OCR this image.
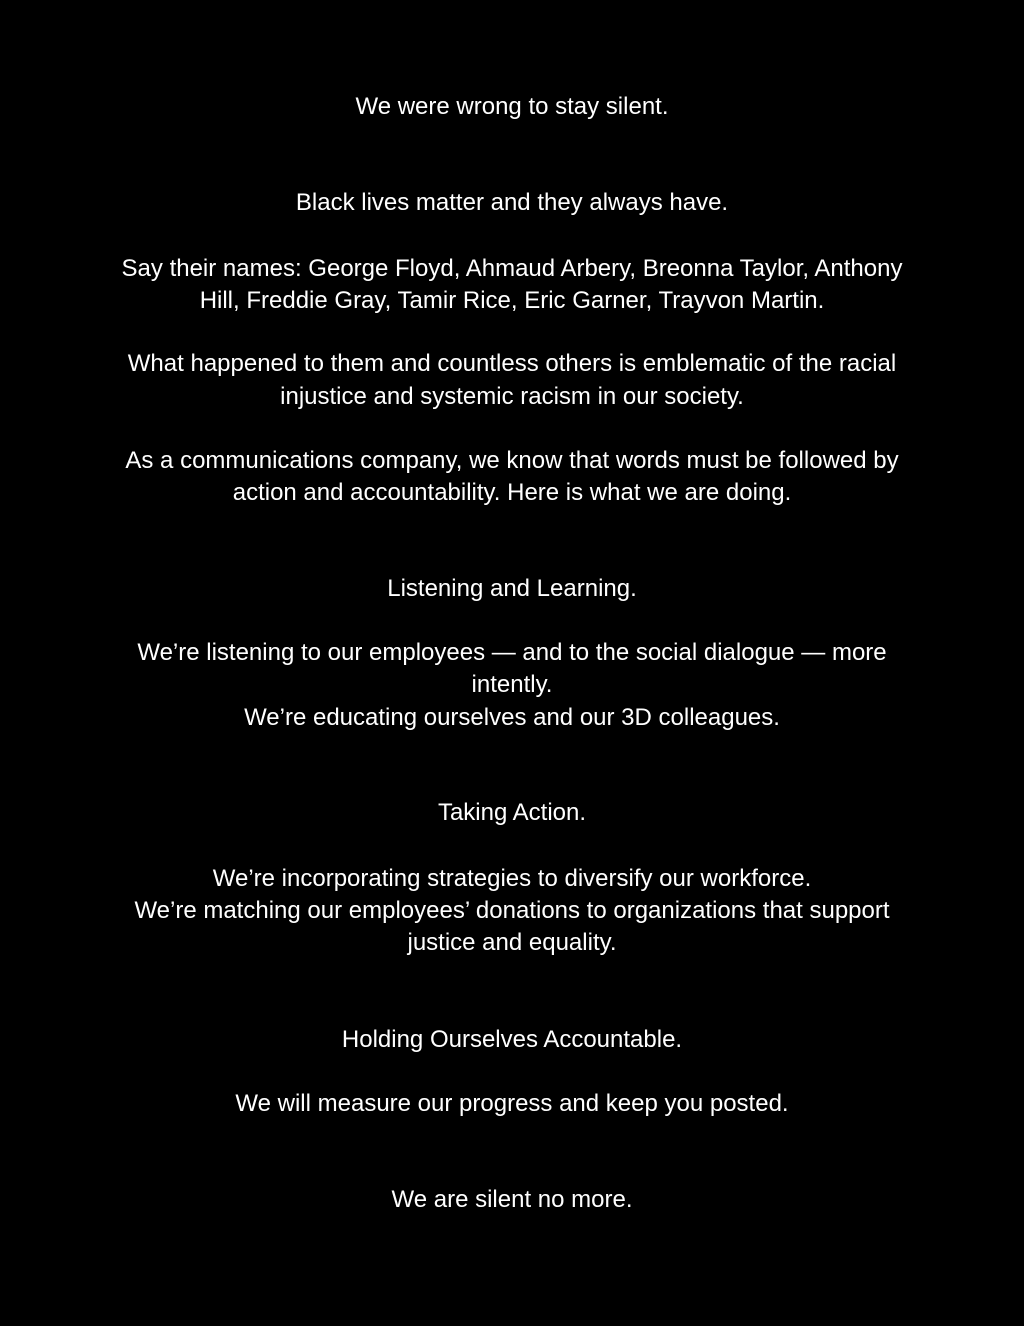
We were wrong to stay silent.
Black lives matter and they always have.
Say their names: George Floyd, Ahmaud Arbery, Breonna Taylor, Anthony
Hill, Freddie Gray, Tamir Rice, Eric Garner, Trayvon Martin.
What happened to them and countless others is emblematic of the racial
injustice and systemic racism in our society.
As a communications company, we know that words must be followed by
action and accountability. Here is what we are doing.
Listening and Learning.
We’re listening to our employees — and to the social dialogue — more
intently.
We’re educating ourselves and our 3D colleagues.
Taking Action.
We’re incorporating strategies to diversify our workforce.
We’re matching our employees’ donations to organizations that support
justice and equality.
Holding Ourselves Accountable.
We will measure our progress and keep you posted.
We are silent no more.
